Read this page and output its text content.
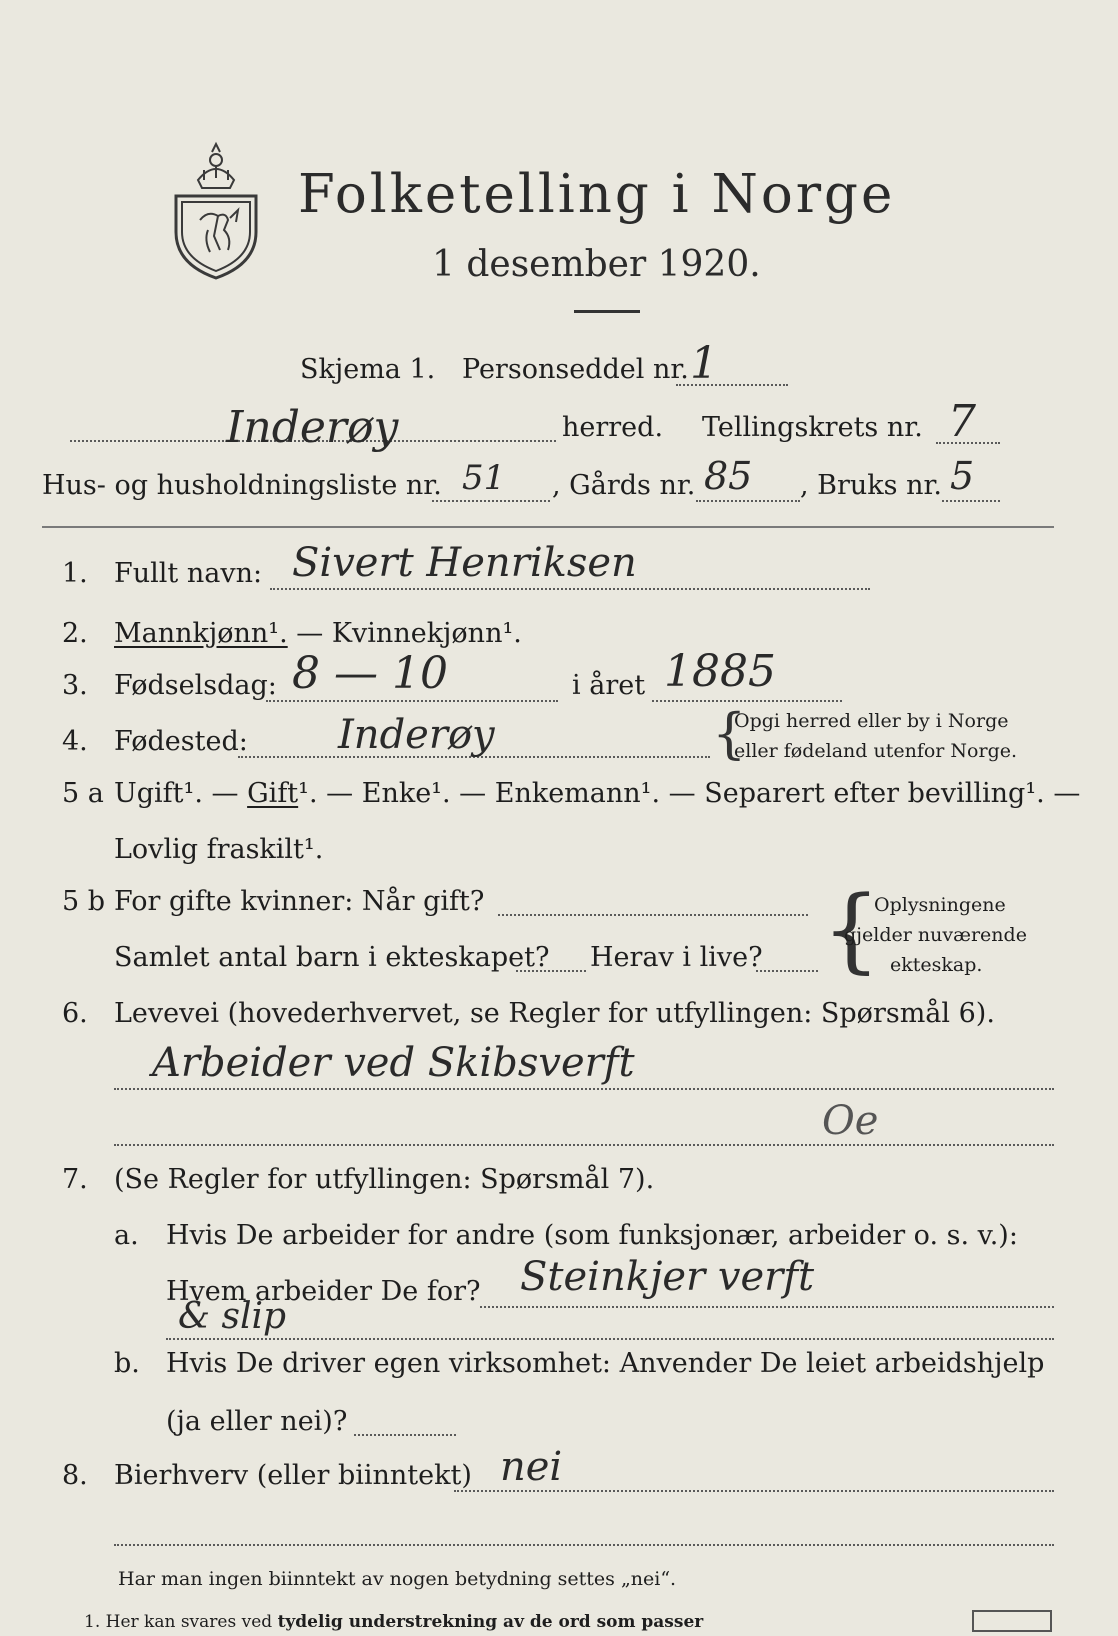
Folketelling i Norge
1 desember 1920.
Skjema 1. Personseddel nr. 1
Inderøy	herred. Tellingskrets nr. 7
Hus- og husholdningsliste nr. 51 , Gårds nr. 85 , Bruks nr. 5
1. Fullt navn: Sivert Henriksen
2. Mannkjønn¹. — Kvinnekjønn¹.
3. Fødselsdag: 8 — 10	i året 1885
4. Fødested: Inderøy	{
Opgi herred eller by i Norge
eller fødeland utenfor Norge.
5 a Ugift¹. — Gift¹. — Enke¹. — Enkemann¹. — Separert efter bevilling¹. —
Lovlig fraskilt¹.
5 b For gifte kvinner: Når gift?
Samlet antal barn i ekteskapet? Herav i live? {
Oplysningene
gjelder nuværende
ekteskap.
6. Levevei (hovederhvervet, se Regler for utfyllingen: Spørsmål 6).
Arbeider ved Skibsverft
Oe
7. (Se Regler for utfyllingen: Spørsmål 7).
a. Hvis De arbeider for andre (som funksjonær, arbeider o. s. v.):
Hvem arbeider De for? Steinkjer verft
& slip
b. Hvis De driver egen virksomhet: Anvender De leiet arbeidshjelp
(ja eller nei)?
8. Bierhverv (eller biinntekt) nei
Har man ingen biinntekt av nogen betydning settes „nei“.
1. Her kan svares ved tydelig understrekning av de ord som passer
